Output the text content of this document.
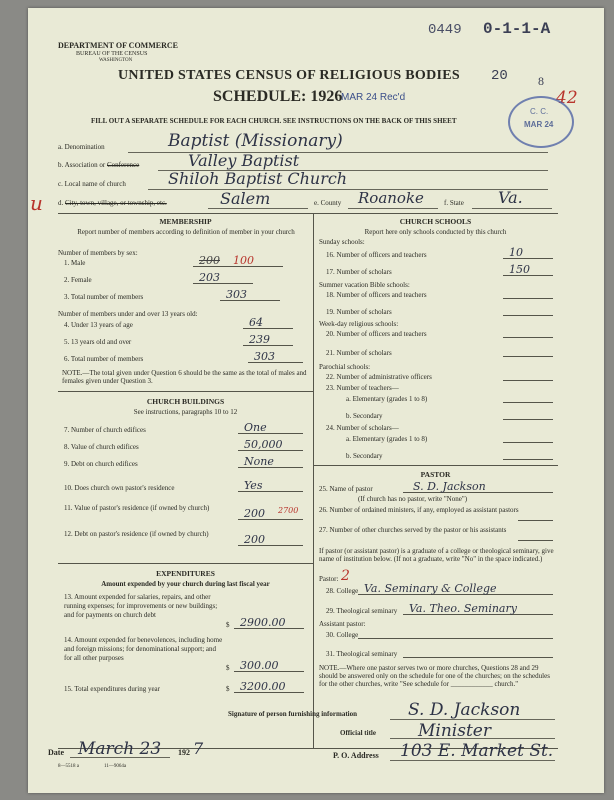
DEPARTMENT OF COMMERCE
BUREAU OF THE CENSUS
WASHINGTON
0449 0-1-1-A
UNITED STATES CENSUS OF RELIGIOUS BODIES
SCHEDULE: 1926
MAR 24 Rec'd
20	8
42
C. C.
MAR 24
FILL OUT A SEPARATE SCHEDULE FOR EACH CHURCH. SEE INSTRUCTIONS ON THE BACK OF THIS SHEET
a. Denomination	Baptist (Missionary)
b. Association or Conference	Valley Baptist
c. Local name of church	Shiloh Baptist Church
u d. City, town, village, or township, etc.	Salem	e. County Roanoke	f. State Va.
MEMBERSHIP
Report number of members according to definition of member in your church
Number of members by sex:
1. Male	200 100
2. Female	203
3. Total number of members	303
Number of members under and over 13 years old:
4. Under 13 years of age	64
5. 13 years old and over	239
6. Total number of members	303
NOTE.—The total given under Question 6 should be the same as the total of males and females given under Question 3.
CHURCH BUILDINGS
See instructions, paragraphs 10 to 12
7. Number of church edifices	One
8. Value of church edifices	50,000
9. Debt on church edifices	None
10. Does church own pastor's residence	Yes
11. Value of pastor's residence (if owned by church)	200 2700
12. Debt on pastor's residence (if owned by church)	200
EXPENDITURES
Amount expended by your church during last fiscal year
13. Amount expended for salaries, repairs, and other running expenses; for improvements or new buildings; and for payments on church debt
$ 2900.00
14. Amount expended for benevolences, including home and foreign missions; for denominational support; and for all other purposes
$ 300.00
15. Total expenditures during year	$ 3200.00
CHURCH SCHOOLS
Report here only schools conducted by this church
Sunday schools:
16. Number of officers and teachers	10
17. Number of scholars	150
Summer vacation Bible schools:
18. Number of officers and teachers
19. Number of scholars
Week-day religious schools:
20. Number of officers and teachers
21. Number of scholars
Parochial schools:
22. Number of administrative officers
23. Number of teachers—
a. Elementary (grades 1 to 8)
b. Secondary
24. Number of scholars—
a. Elementary (grades 1 to 8)
b. Secondary
PASTOR
25. Name of pastor	S. D. Jackson
(If church has no pastor, write "None")
26. Number of ordained ministers, if any, employed as assistant pastors
27. Number of other churches served by the pastor or his assistants
If pastor (or assistant pastor) is a graduate of a college or theological seminary, give name of institution below. (If not a graduate, write "No" in the space indicated.)
Pastor: 2
28. College Va. Seminary & College
29. Theological seminary Va. Theo. Seminary
Assistant pastor:
30. College
31. Theological seminary
NOTE.—Where one pastor serves two or more churches, Questions 28 and 29 should be answered only on the schedule for one of the churches; on the schedules for the other churches, write "See schedule for ____________ church."
Signature of person furnishing information	S. D. Jackson
Official title Minister
Date March 23 192 7	P. O. Address 103 E. Market St.
8—5518 a	11—9064a
